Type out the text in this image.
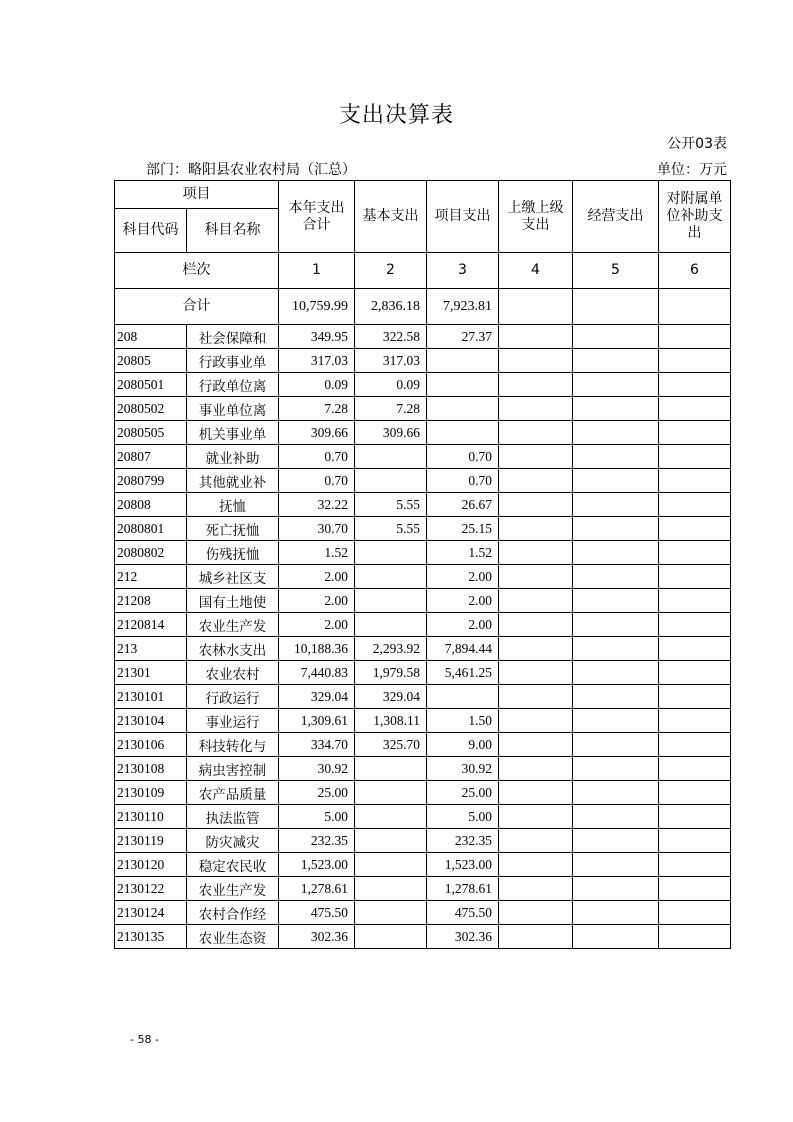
支出决算表
公开03表
部门：略阳县农业农村局（汇总）	单位：万元
项目		本年支出合计	基本支出	项目支出	上缴上级支出	经营支出	对附属单位补助支出
科目代码	科目名称						
栏次		1	2	3	4	5	6
合计		10,759.99	2,836.18	7,923.81			
208	社会保障和	349.95	322.58	27.37			
20805	行政事业单	317.03	317.03				
2080501	行政单位离	0.09	0.09				
2080502	事业单位离	7.28	7.28				
2080505	机关事业单	309.66	309.66				
20807	就业补助	0.70		0.70			
2080799	其他就业补	0.70		0.70			
20808	抚恤	32.22	5.55	26.67			
2080801	死亡抚恤	30.70	5.55	25.15			
2080802	伤残抚恤	1.52		1.52			
212	城乡社区支	2.00		2.00			
21208	国有土地使	2.00		2.00			
2120814	农业生产发	2.00		2.00			
213	农林水支出	10,188.36	2,293.92	7,894.44			
21301	农业农村	7,440.83	1,979.58	5,461.25			
2130101	行政运行	329.04	329.04				
2130104	事业运行	1,309.61	1,308.11	1.50			
2130106	科技转化与	334.70	325.70	9.00			
2130108	病虫害控制	30.92		30.92			
2130109	农产品质量	25.00		25.00			
2130110	执法监管	5.00		5.00			
2130119	防灾减灾	232.35		232.35			
2130120	稳定农民收	1,523.00		1,523.00			
2130122	农业生产发	1,278.61		1,278.61			
2130124	农村合作经	475.50		475.50			
2130135	农业生态资	302.36		302.36			
- 58 -
